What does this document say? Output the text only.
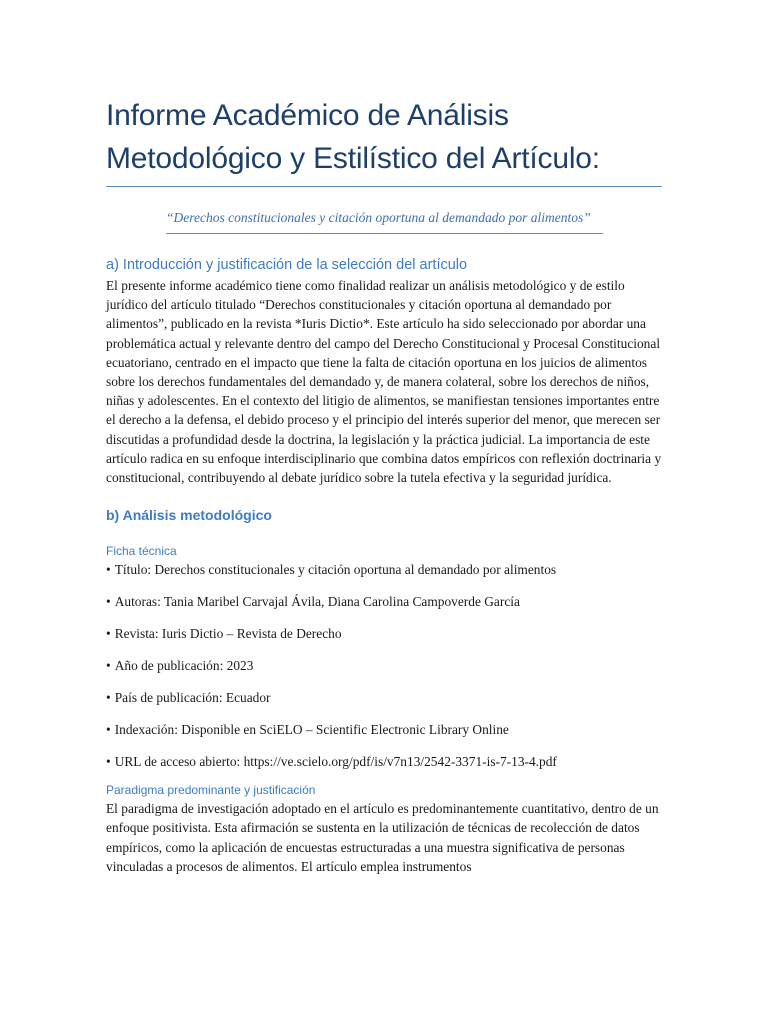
Informe Académico de Análisis Metodológico y Estilístico del Artículo:

“Derechos constitucionales y citación oportuna al demandado por alimentos”

a) Introducción y justificación de la selección del artículo

El presente informe académico tiene como finalidad realizar un análisis metodológico y de estilo jurídico del artículo titulado “Derechos constitucionales y citación oportuna al demandado por alimentos”, publicado en la revista *Iuris Dictio*. Este artículo ha sido seleccionado por abordar una problemática actual y relevante dentro del campo del Derecho Constitucional y Procesal Constitucional ecuatoriano, centrado en el impacto que tiene la falta de citación oportuna en los juicios de alimentos sobre los derechos fundamentales del demandado y, de manera colateral, sobre los derechos de niños, niñas y adolescentes. En el contexto del litigio de alimentos, se manifiestan tensiones importantes entre el derecho a la defensa, el debido proceso y el principio del interés superior del menor, que merecen ser discutidas a profundidad desde la doctrina, la legislación y la práctica judicial. La importancia de este artículo radica en su enfoque interdisciplinario que combina datos empíricos con reflexión doctrinaria y constitucional, contribuyendo al debate jurídico sobre la tutela efectiva y la seguridad jurídica.

b) Análisis metodológico
Ficha técnica

• Título: Derechos constitucionales y citación oportuna al demandado por alimentos

• Autoras: Tania Maribel Carvajal Ávila, Diana Carolina Campoverde García

• Revista: Iuris Dictio – Revista de Derecho

• Año de publicación: 2023

• País de publicación: Ecuador

• Indexación: Disponible en SciELO – Scientific Electronic Library Online

• URL de acceso abierto: https://ve.scielo.org/pdf/is/v7n13/2542-3371-is-7-13-4.pdf

Paradigma predominante y justificación

El paradigma de investigación adoptado en el artículo es predominantemente cuantitativo, dentro de un enfoque positivista. Esta afirmación se sustenta en la utilización de técnicas de recolección de datos empíricos, como la aplicación de encuestas estructuradas a una muestra significativa de personas vinculadas a procesos de alimentos. El artículo emplea instrumentos
